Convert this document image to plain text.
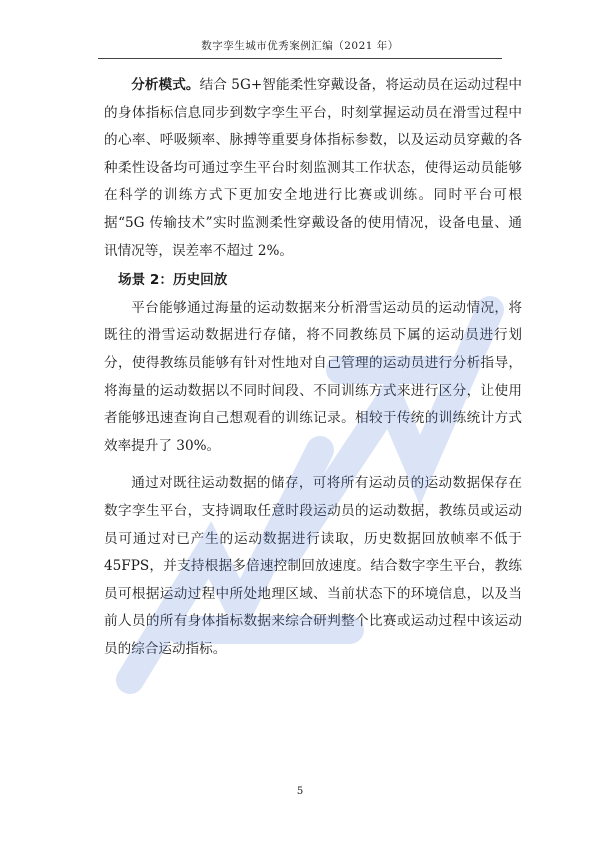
数字孪生城市优秀案例汇编（2021 年）

分析模式。结合 5G+智能柔性穿戴设备，将运动员在运动过程中的身体指标信息同步到数字孪生平台，时刻掌握运动员在滑雪过程中的心率、呼吸频率、脉搏等重要身体指标参数，以及运动员穿戴的各种柔性设备均可通过孪生平台时刻监测其工作状态，使得运动员能够在科学的训练方式下更加安全地进行比赛或训练。同时平台可根据“5G 传输技术”实时监测柔性穿戴设备的使用情况，设备电量、通讯情况等，误差率不超过 2%。

场景 2：历史回放

平台能够通过海量的运动数据来分析滑雪运动员的运动情况，将既往的滑雪运动数据进行存储，将不同教练员下属的运动员进行划分，使得教练员能够有针对性地对自己管理的运动员进行分析指导，将海量的运动数据以不同时间段、不同训练方式来进行区分，让使用者能够迅速查询自己想观看的训练记录。相较于传统的训练统计方式效率提升了 30%。

通过对既往运动数据的储存，可将所有运动员的运动数据保存在数字孪生平台，支持调取任意时段运动员的运动数据，教练员或运动员可通过对已产生的运动数据进行读取，历史数据回放帧率不低于 45FPS，并支持根据多倍速控制回放速度。结合数字孪生平台，教练员可根据运动过程中所处地理区域、当前状态下的环境信息，以及当前人员的所有身体指标数据来综合研判整个比赛或运动过程中该运动员的综合运动指标。

5
